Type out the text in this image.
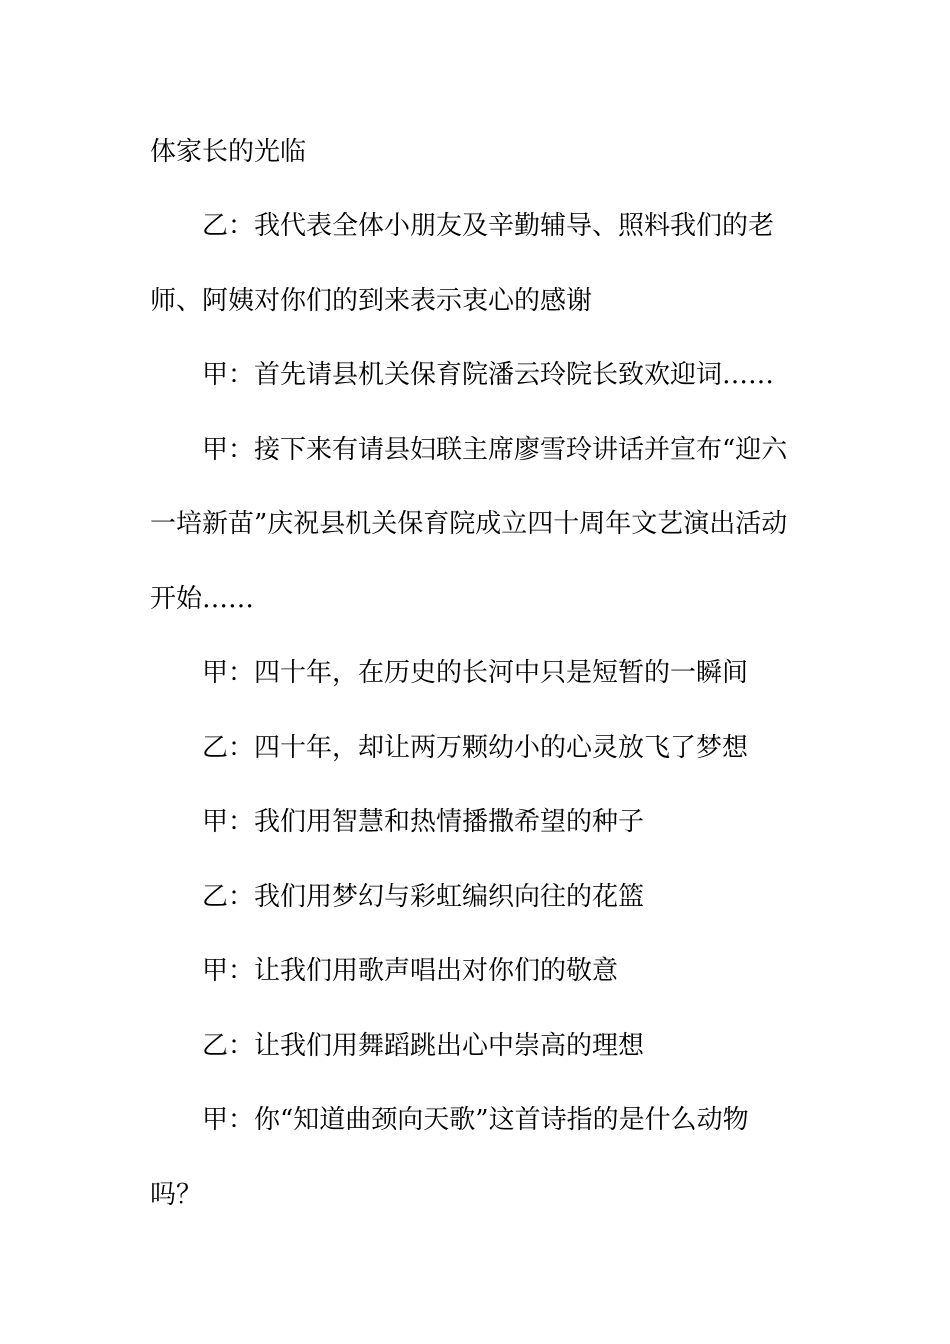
体家长的光临
乙：我代表全体小朋友及辛勤辅导、照料我们的老
师、阿姨对你们的到来表示衷心的感谢
甲：首先请县机关保育院潘云玲院长致欢迎词……
甲：接下来有请县妇联主席廖雪玲讲话并宣布“迎六
一培新苗”庆祝县机关保育院成立四十周年文艺演出活动
开始……
甲：四十年，在历史的长河中只是短暂的一瞬间
乙：四十年，却让两万颗幼小的心灵放飞了梦想
甲：我们用智慧和热情播撒希望的种子
乙：我们用梦幻与彩虹编织向往的花篮
甲：让我们用歌声唱出对你们的敬意
乙：让我们用舞蹈跳出心中崇高的理想
甲：你“知道曲颈向天歌”这首诗指的是什么动物
吗？
